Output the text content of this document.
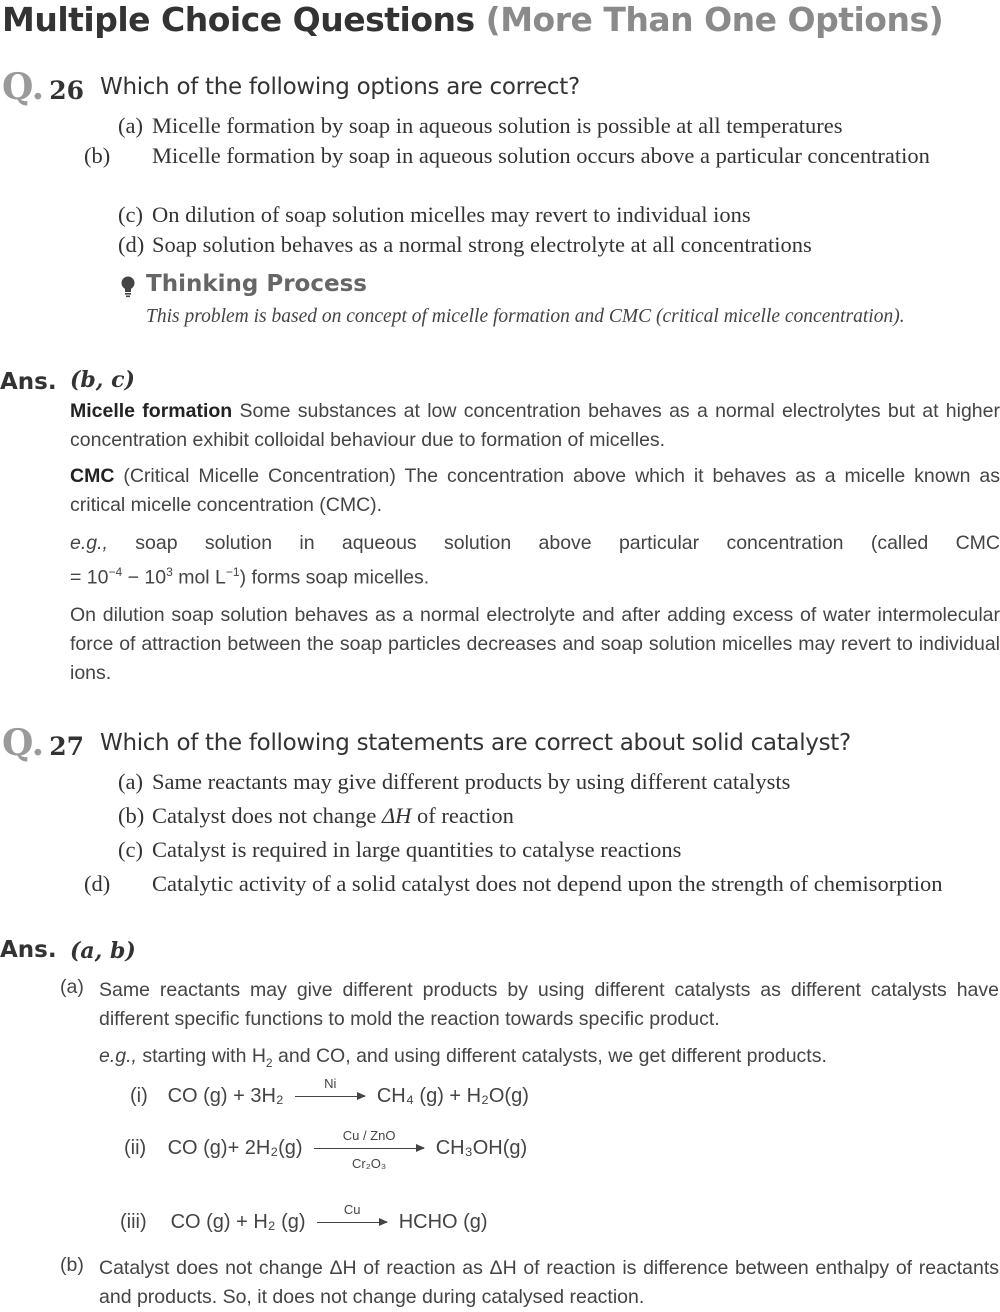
Multiple Choice Questions (More Than One Options)
Q. 26 Which of the following options are correct?
(a) Micelle formation by soap in aqueous solution is possible at all temperatures
(b) Micelle formation by soap in aqueous solution occurs above a particular concentration
(c) On dilution of soap solution micelles may revert to individual ions
(d) Soap solution behaves as a normal strong electrolyte at all concentrations
Thinking Process
This problem is based on concept of micelle formation and CMC (critical micelle concentration).
Ans. (b, c)
Micelle formation Some substances at low concentration behaves as a normal electrolytes but at higher concentration exhibit colloidal behaviour due to formation of micelles.
CMC (Critical Micelle Concentration) The concentration above which it behaves as a micelle known as critical micelle concentration (CMC).
e.g., soap solution in aqueous solution above particular concentration (called CMC
= $10^{-4} - 10^3$ mol $L^{-1}$) forms soap micelles.
On dilution soap solution behaves as a normal electrolyte and after adding excess of water intermolecular force of attraction between the soap particles decreases and soap solution micelles may revert to individual ions.
Q. 27 Which of the following statements are correct about solid catalyst?
(a) Same reactants may give different products by using different catalysts
(b) Catalyst does not change ΔH of reaction
(c) Catalyst is required in large quantities to catalyse reactions
(d) Catalytic activity of a solid catalyst does not depend upon the strength of chemisorption
Ans. (a, b)
(a) Same reactants may give different products by using different catalysts as different catalysts have different specific functions to mold the reaction towards specific product.
e.g., starting with $H_2$ and CO, and using different catalysts, we get different products.
(i) CO (g) + 3H₂
Ni
CH₄ (g) + H₂O(g)
(ii) CO (g)+ 2H₂(g)
Cu / ZnO
Cr₂O₃
CH₃OH(g)
(iii) CO (g) + H₂ (g)
Cu
HCHO (g)
(b) Catalyst does not change ΔH of reaction as ΔH of reaction is difference between enthalpy of reactants and products. So, it does not change during catalysed reaction.
